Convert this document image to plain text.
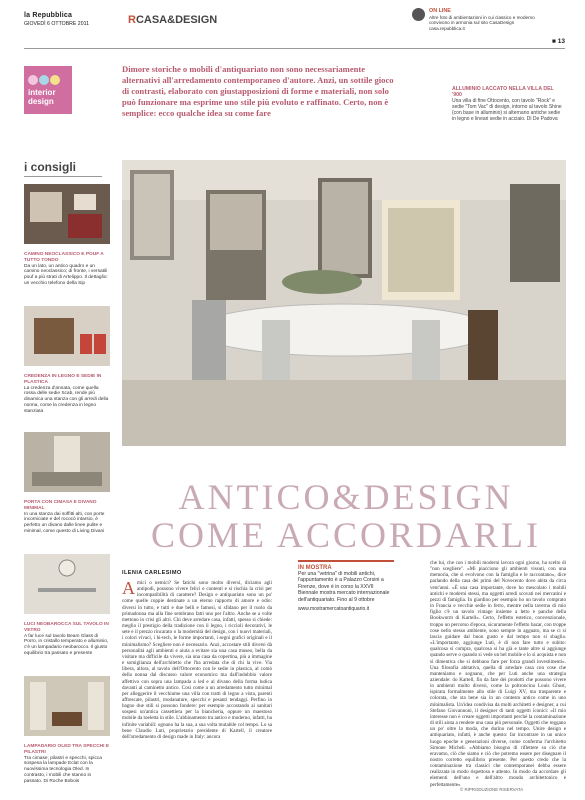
la Repubblica
GIOVEDÌ 6 OTTOBRE 2011	RCASA&DESIGN
ON LINE
Altre foto di ambientazioni in cui classico e moderno convivono in armonia sul sito CasaDesign casa.repubblica.it
■ 13
interior design
Dimore storiche o mobili d'antiquariato non sono necessariamente alternativi all'arredamento contemporaneo d'autore. Anzi, un sottile gioco di contrasti, elaborato con giustapposizioni di forme e materiali, non solo può funzionare ma esprime uno stile più evoluto e raffinato. Certo, non è semplice: ecco qualche idea su come fare
ALLUMINIO LACCATO NELLA VILLA DEL '900
Una villa di fine Ottocento, con tavolo "Rock" e sedie "Tom Vac" di design, intorno al tavolo Shine (con base in alluminio) si alternano antiche sedie in legno e lineari sedie in acciaio. Di De Padova
i consigli
CAMINO NEOCLASSICO E POUF A TUTTO TONDO
Da un lato, un antico quadro e un camino neoclassico; di fronte, i versatili pouf a più strati di Artelippo. Il dettaglio: un vecchio telefono della Sip
CREDENZA IN LEGNO E SEDIE IN PLASTICA
La credenza d'annata, come quella rossa delle sedie Scab, rende più dinamica una stanza con gli arredi della nonna, come la credenza in legno stanziata
PORTA CON CIMASA E DIVANO MINIMAL
In una stanza dai soffitti alti, con porte incorniciate e del rococò intarsio, è perfetto un divano dalle linee pulite e minimal, come questo di Living Divani
LUCI NEOBAROCCA SUL TAVOLO IN VETRO
A far luce sul tavolo Beam Glass di Porro, in cristallo temperato e alluminio, c'è un lampadario neobarocco. Il giusto equilibrio tra passato e presente
LAMPADARIO OLED TRA SPECCHI E PILASTRI
Tra cimase, pilastri e specchi, spicca sospesa la lampade Eclat con la nuovissima tecnologia Oled. In contrasto, i mobili che stanno in passato. Di Roche Bobois
ANTICO&DESIGN
COME ACCORDARLI
ILENIA CARLESIMO
Amici o nemici? Se fatichi sono molto diversi, diciamo agli antipodi, possono vivere felici e contenti e si rischia la crisi per incompatibilità di carattere? Design e antiquariato sono un po' come quelle coppie destinate a un eterno rapporto di amore e odio: diversi in tutto, e tutti e due belli e famosi, si sfidano per il ruolo da primadonna ma alla fine sembrano fatti uno per l'altro. Anche se a volte mettono in crisi gli altri. Chi deve arredare casa, infatti, spesso si chiede: meglio il prestigio della tradizione con il legno, i riccioli decorativi, le sete e il prezzo rincarato o la modernità del design, con i nuovi materiali, i colori vivaci, i hi-tech, le forme importanti, i segni grafici originali e il minimalismo? Scegliere non è necessario. Anzi, accostare stili diversi dà personalità agli ambienti e aiuta a evitare sia una casa museo, bella da visitare ma difficile da vivere, sia una casa da copertina, più a immagine e somiglianza dell'architetto che l'ha arredata che di chi la vive. Via libera, allora, al tavolo dell'Ottocento con le sedie in plastica, al comò della nonna dal discusso valore economico ma dall'indubbio valore affettivo con sopra una lampada a led e al divano della forma ludica davanti al caminetto antico. Così come a un arredamento tutto minimal per alleggerire il vecchiume una villa con tratti di legno a vista, parenti affrescate, pilastri, modanature, specchi e pesanti tendaggi. Perfino in bagno due stili si possono fondere: per esempio accostando ai sanitari sospesi un'antica cassettiera per la biancheria, oppure un maestoso mobile da toeletta in stile. L'abbinamento tra antico e moderno, infatti, ha infinite variabili: ognuno ha la sua, a sua volta mutabile col tempo. Lo sa bene Claudio Luti, proprietario presidente di Kartell, il creatore dell'arredamento di design made in Italy: ancora
IN MOSTRA
Per una "vetrina" di mobili antichi, l'appuntamento è a Palazzo Corsini a Firenze, dove è in corso la XXVII Biennale mostra mercato internazionale dell'antiquariato. Fino al 9 ottobre
www.mostramercatoantiquario.it
che lui, che con i mobili moderni lavora ogni giorno, ha scelto di "non scegliere". «Mi piacciono gli ambienti vissuti, con una memoria, che si evolvono con la famiglia e le raccontano», dice parlando della casa dei primi del Novecento dove abita da circa vent'anni. «È una casa importante, dove ho mescolato i mobili antichi e moderni stessi, ma oggetti arredi scovati nei mercatini e pezzi di famiglia. In giardino per esempio ho un tavolo comprato in Francia e vecchie sedie in ferro, mentre nella taverna di mio figlio c'è un tavolo vintage insieme a letto e panche della Bookworm di Kartell». Certo, l'effetto estetico, convenzionale, troppo un percorso d'epoca, sicuramente l'effetto bazar, con troppe cose nello stesso ambiente, sono sempre in agguato, ma se ci si lascia guidare dal buon gusto e dal tempo non si sbaglia. «L'importante, aggiunge Luti, è di non fare tutto e subito: qualcosa si compra, qualcosa si ha già e tante altre si aggiunge quando serve o quando si vede un bel mobile e lo si acquista e non si dimentica che si debbano fare per forza grandi investimenti». Una filosofia abitativa, quella di arredare casa con cose che manteniamo e sognano, che per Luti anche una strategia aziendale: do Kartell, fin da fare dei prodotti che possono vivere in ambienti molto diversi, come la poltroncina Louis Ghost, ispirata formalmente allo stile di Luigi XV, ma trasparente e colorata, che sta bene sia in un contesto antico come in uno minimalista. Un'idea condivisa da molti architetti e designer, a cui Stefano Giovannoni, il designer di tanti oggetti iconici: «Il mio interesse non è creare oggetti importanti perché la contaminazione di stili aiuta a rendere una casa più personale. Oggetti che reggano un po' oltre la moda, che durino nel tempo. Unire design e antiquariato, infatti, è anche questo: far incontrare in un unico luogo epoche e generazioni diverse, come conferma l'architetto Simone Micheli. «Abbiamo bisogno di riflettere su ciò che eravamo, ciò che siamo e ciò che potremo essere per disegnare il nostro corretto equilibrio presente. Per questo credo che la contaminazione tra classici che contemporanei debba essere realizzata in modo rispettoso e attento. In modo da accordare gli elementi dell'uno e dell'altro mondo architettonico e perfettamente»
© RIPRODUZIONE RISERVATA
